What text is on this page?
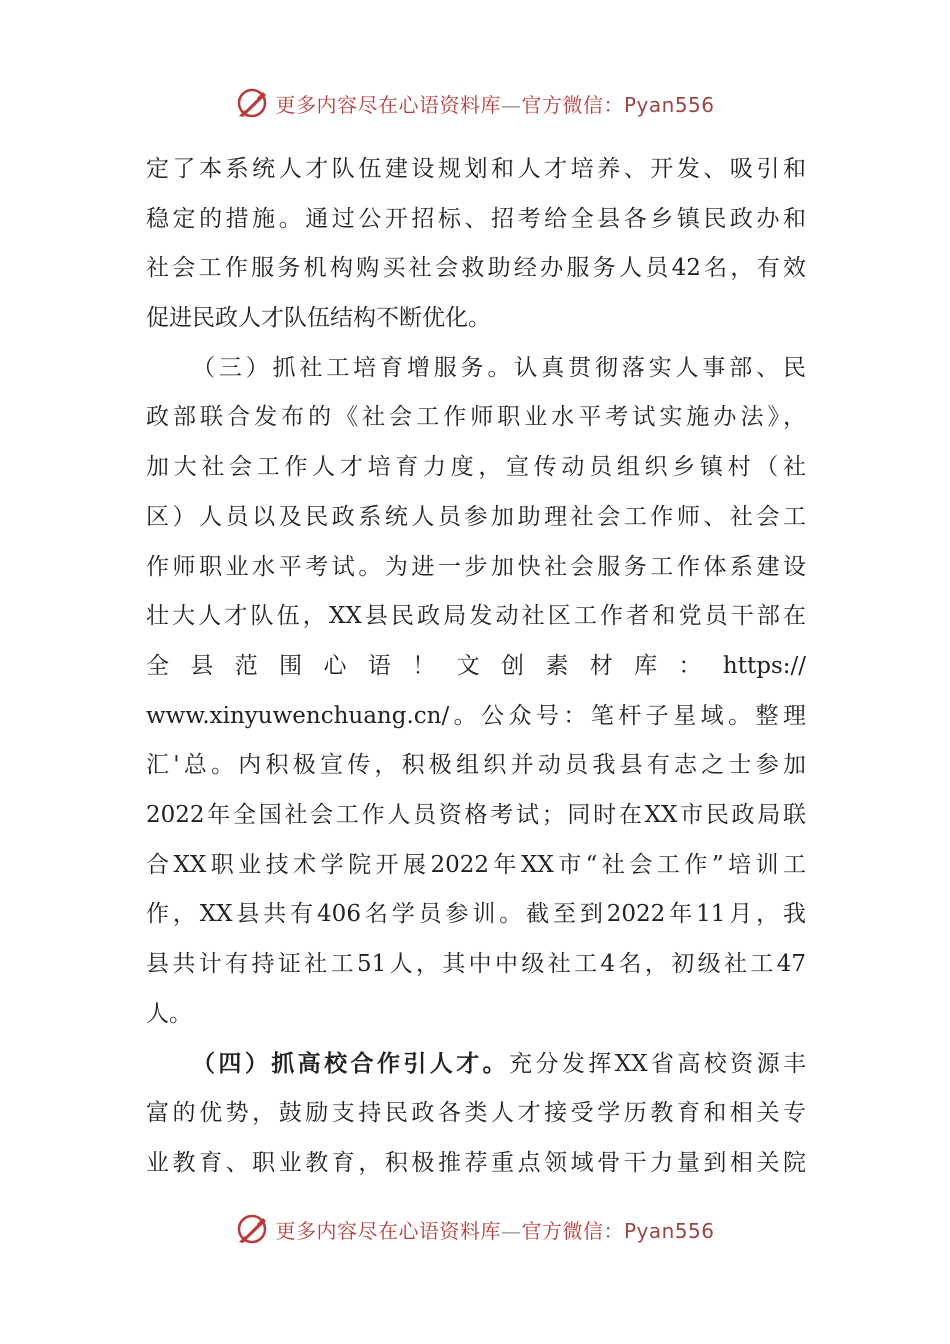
更多内容尽在心语资料库—官方微信：Pyan556
定了本系统人才队伍建设规划和人才培养、开发、吸引和
稳定的措施。通过公开招标、招考给全县各乡镇民政办和
社会工作服务机构购买社会救助经办服务人员42名，有效
促进民政人才队伍结构不断优化。
（三）抓社工培育增服务。认真贯彻落实人事部、民
政部联合发布的《社会工作师职业水平考试实施办法》，
加大社会工作人才培育力度，宣传动员组织乡镇村（社
区）人员以及民政系统人员参加助理社会工作师、社会工
作师职业水平考试。为进一步加快社会服务工作体系建设
壮大人才队伍，XX县民政局发动社区工作者和党员干部在
全县范围心语！文创素材库：https://
www.xinyuwenchuang.cn/。公众号：笔杆子星域。整理
汇'总。内积极宣传，积极组织并动员我县有志之士参加
2022年全国社会工作人员资格考试；同时在XX市民政局联
合XX职业技术学院开展2022年XX市“社会工作”培训工
作，XX县共有406名学员参训。截至到2022年11月，我
县共计有持证社工51人，其中中级社工4名，初级社工47
人。
（四）抓高校合作引人才。充分发挥XX省高校资源丰
富的优势，鼓励支持民政各类人才接受学历教育和相关专
业教育、职业教育，积极推荐重点领域骨干力量到相关院
更多内容尽在心语资料库—官方微信：Pyan556
